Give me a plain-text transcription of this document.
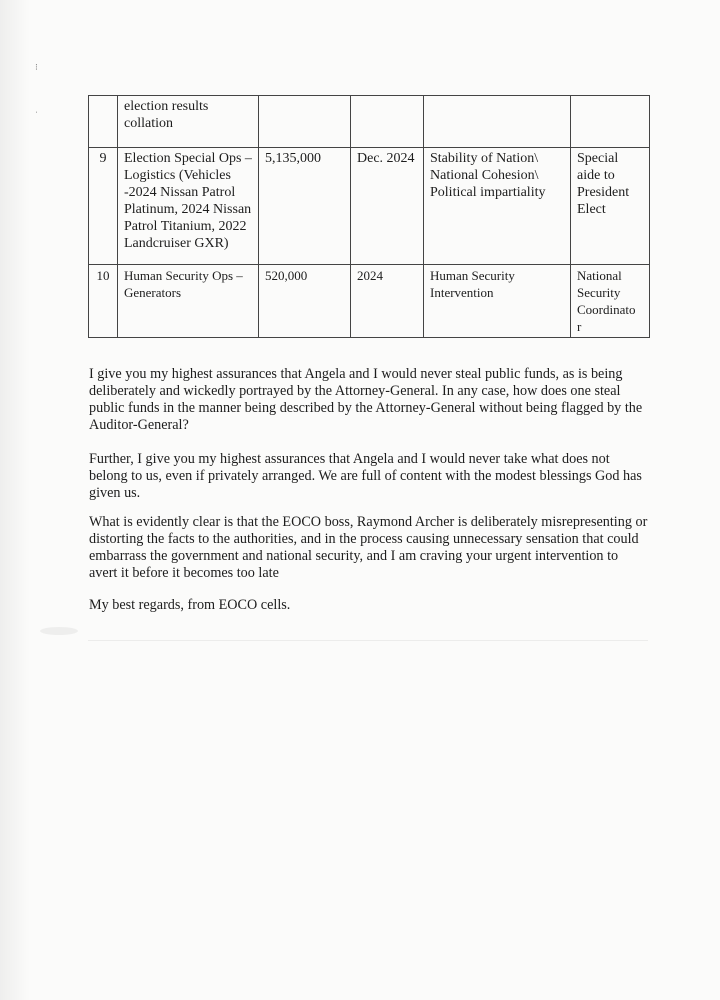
⁝
ˈ
	election results collation				
9	Election Special Ops – Logistics (Vehicles -2024 Nissan Patrol Platinum, 2024 Nissan Patrol Titanium, 2022 Landcruiser GXR)	5,135,000	Dec. 2024	Stability of Nation\ National Cohesion\ Political impartiality	Special aide to President Elect
10	Human Security Ops – Generators	520,000	2024	Human Security Intervention	National Security Coordinato r

I give you my highest assurances that Angela and I would never steal public funds, as is being deliberately and wickedly portrayed by the Attorney-General. In any case, how does one steal public funds in the manner being described by the Attorney-General without being flagged by the Auditor-General?

Further, I give you my highest assurances that Angela and I would never take what does not belong to us, even if privately arranged. We are full of content with the modest blessings God has given us.

What is evidently clear is that the EOCO boss, Raymond Archer is deliberately misrepresenting or distorting the facts to the authorities, and in the process causing unnecessary sensation that could embarrass the government and national security, and I am craving your urgent intervention to avert it before it becomes too late

My best regards, from EOCO cells.
